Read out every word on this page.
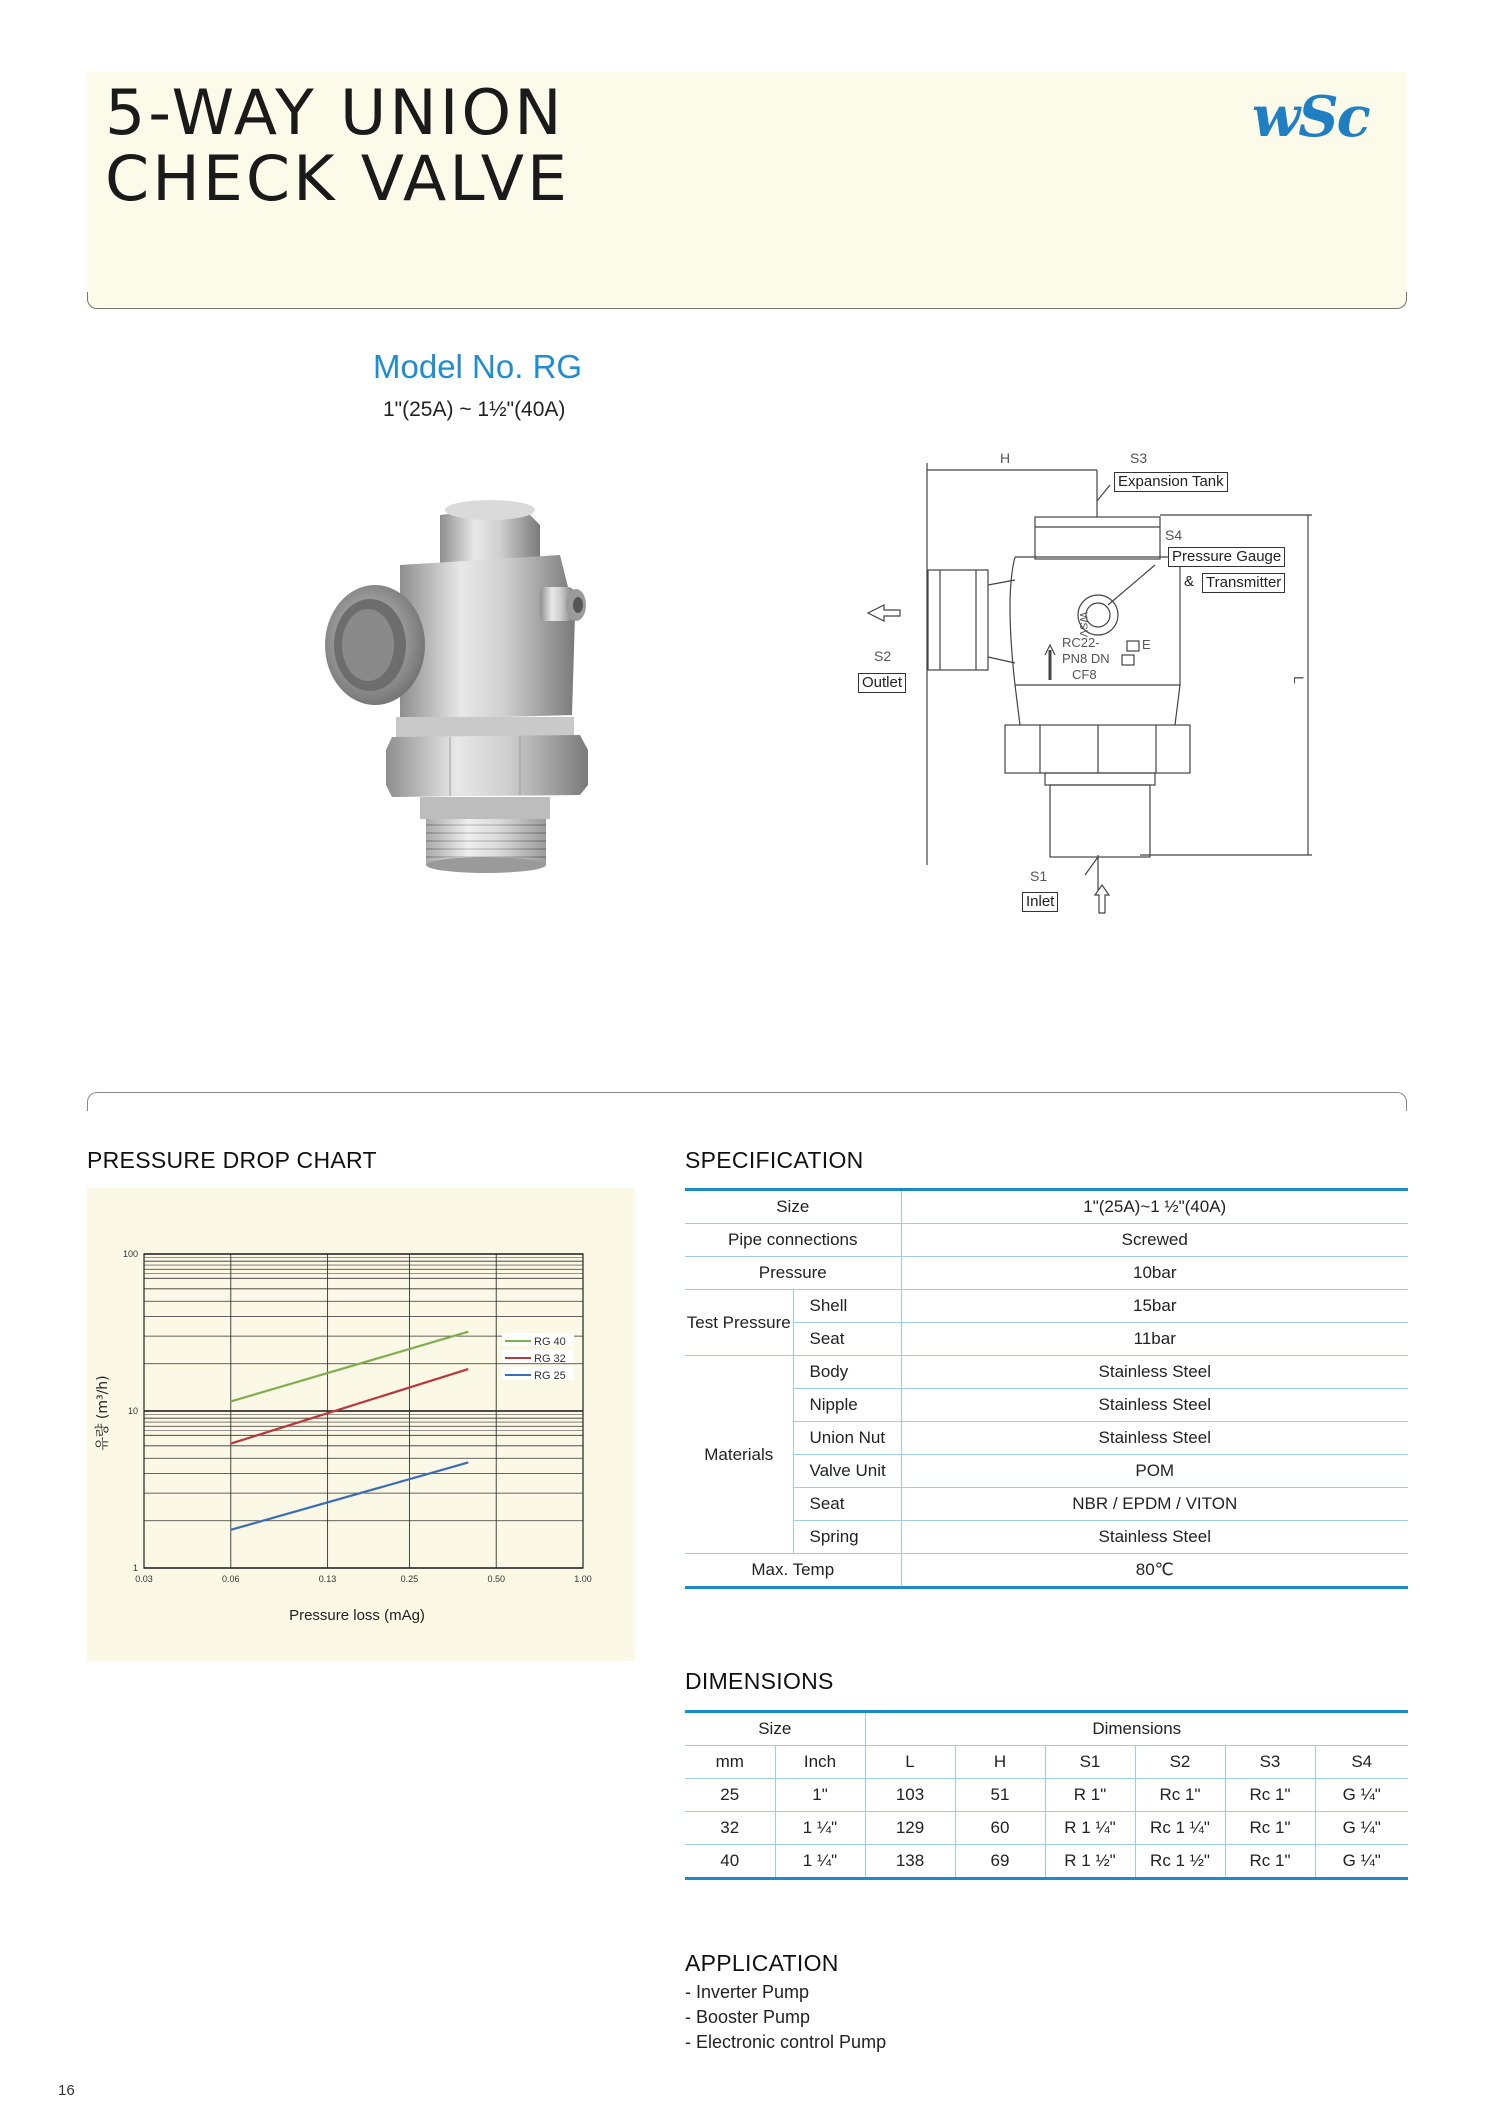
5-WAY UNION
CHECK VALVE
wSc
Model No. RG
1"(25A) ~ 1½"(40A)
H
L
S3
S4
S2
S1
WSV
RC22-	E
PN8 DN
CF8
Expansion Tank
Pressure Gauge
& Transmitter
Outlet
Inlet
PRESSURE DROP CHART	SPECIFICATION
DIMENSIONS
APPLICATION
0.03	0.06	0.13	0.25	0.50	1.00
1
10
100
RG 40
RG 32
RG 25
Pressure loss (mAg)
유량 (m³/h)
Size		1"(25A)~1 ½"(40A)
Pipe connections		Screwed
Pressure		10bar
Test Pressure	Shell	15bar
	Seat	11bar
Materials	Body	Stainless Steel
	Nipple	Stainless Steel
	Union Nut	Stainless Steel
	Valve Unit	POM
	Seat	NBR / EPDM / VITON
	Spring	Stainless Steel
Max. Temp		80℃
Size		Dimensions					
mm	Inch	L	H	S1	S2	S3	S4
25	1"	103	51	R 1"	Rc 1"	Rc 1"	G ¼"
32	1 ¼"	129	60	R 1 ¼"	Rc 1 ¼"	Rc 1"	G ¼"
40	1 ¼"	138	69	R 1 ½"	Rc 1 ½"	Rc 1"	G ¼"
- Inverter Pump
- Booster Pump
- Electronic control Pump
16
